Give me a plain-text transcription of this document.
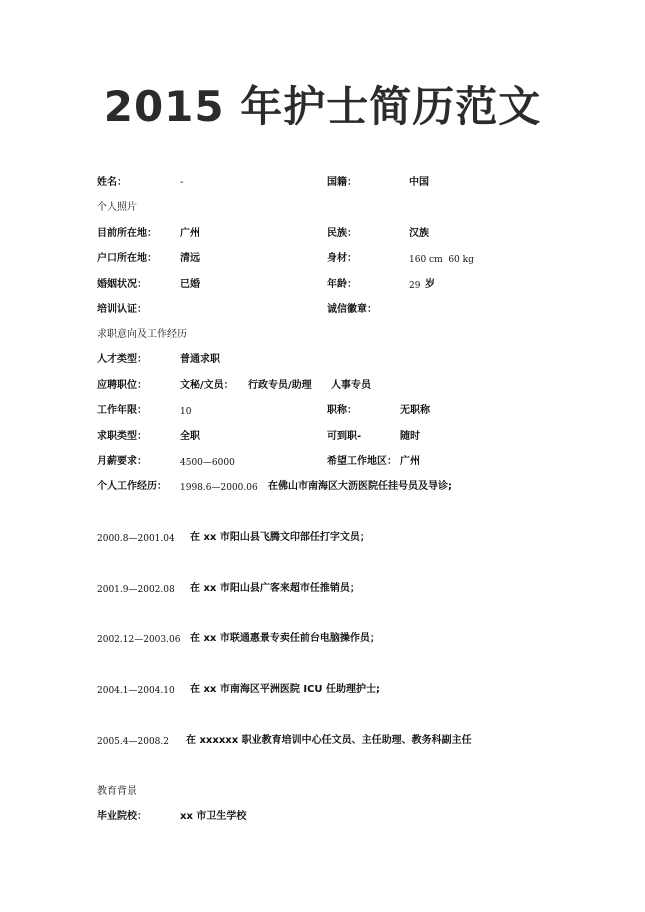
2015 年护士简历范文
姓名：	-	国籍：	中国
个人照片
目前所在地： 广州	民族：	汉族
户口所在地： 清远	身材：	160 cm  60 kg
婚姻状况：	已婚	年龄：	29 岁
培训认证：	诚信徽章：
求职意向及工作经历
人才类型：	普通求职
应聘职位：	文秘/文员： 行政专员/助理 人事专员
工作年限：	10	职称：	无职称
求职类型：	全职	可到职-	随时
月薪要求：	4500—6000	希望工作地区： 广州
个人工作经历： 1998.6—2000.06 在佛山市南海区大沥医院任挂号员及导诊;
2000.8—2001.04 在 xx 市阳山县飞腾文印部任打字文员；
2001.9—2002.08 在 xx 市阳山县广客来超市任推销员；
2002.12—2003.06 在 xx 市联通惠景专卖任前台电脑操作员；
2004.1—2004.10 在 xx 市南海区平洲医院 ICU 任助理护士;
2005.4—2008.2 在 xxxxxx 职业教育培训中心任文员、主任助理、教务科副主任
教育背景
毕业院校：	xx 市卫生学校
